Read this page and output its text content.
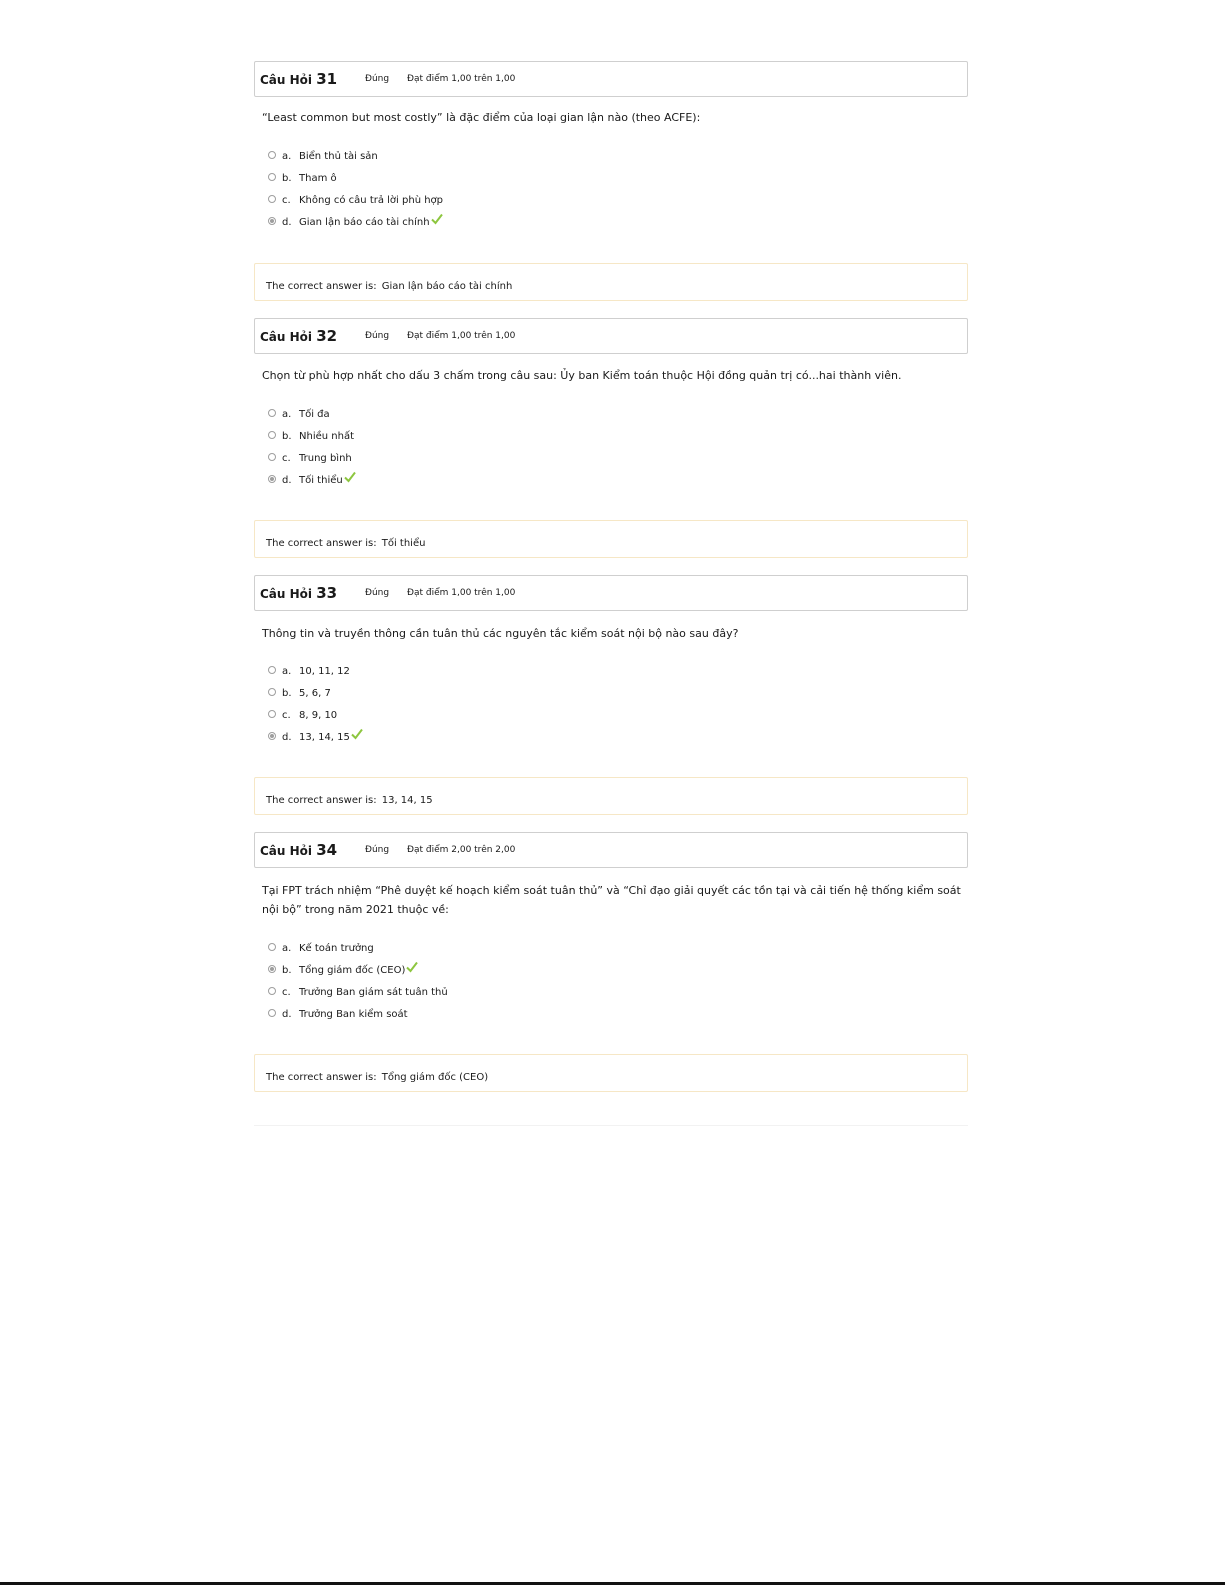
Câu Hỏi 31	Đúng Đạt điểm 1,00 trên 1,00

“Least common but most costly” là đặc điểm của loại gian lận nào (theo ACFE):

a. Biển thủ tài sản
b. Tham ô
c. Không có câu trả lời phù hợp
d. Gian lận báo cáo tài chính
The correct answer is: Gian lận báo cáo tài chính
Câu Hỏi 32	Đúng Đạt điểm 1,00 trên 1,00

Chọn từ phù hợp nhất cho dấu 3 chấm trong câu sau: Ủy ban Kiểm toán thuộc Hội đồng quản trị có...hai thành viên.

a. Tối đa
b. Nhiều nhất
c. Trung bình
d. Tối thiểu
The correct answer is: Tối thiểu
Câu Hỏi 33	Đúng Đạt điểm 1,00 trên 1,00

Thông tin và truyền thông cần tuân thủ các nguyên tắc kiểm soát nội bộ nào sau đây?

a. 10, 11, 12
b. 5, 6, 7
c. 8, 9, 10
d. 13, 14, 15
The correct answer is: 13, 14, 15
Câu Hỏi 34	Đúng Đạt điểm 2,00 trên 2,00

Tại FPT trách nhiệm “Phê duyệt kế hoạch kiểm soát tuân thủ” và “Chỉ đạo giải quyết các tồn tại và cải tiến hệ thống kiểm soát nội bộ” trong năm 2021 thuộc về:

a. Kế toán trưởng
b. Tổng giám đốc (CEO)
c. Trưởng Ban giám sát tuân thủ
d. Trưởng Ban kiểm soát
The correct answer is: Tổng giám đốc (CEO)
